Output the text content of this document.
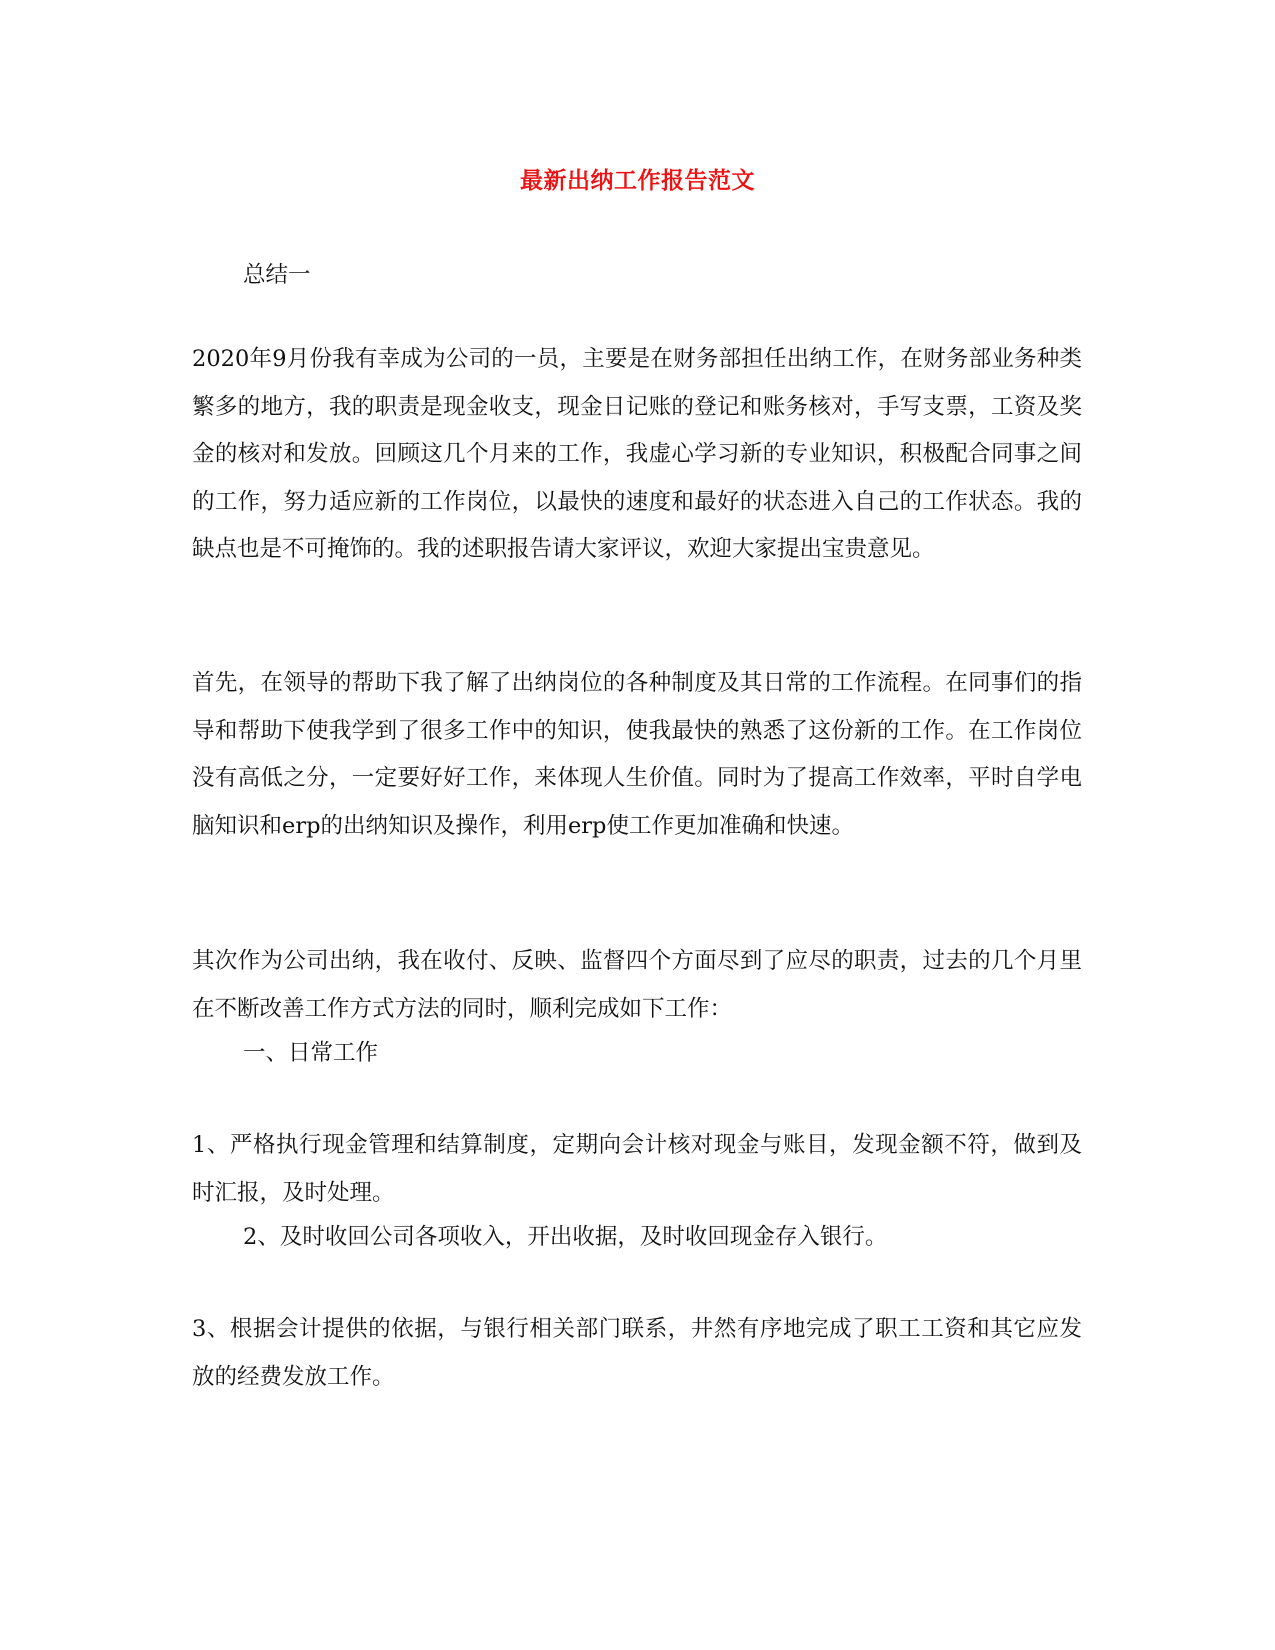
最新出纳工作报告范文

总结一

2020年9月份我有幸成为公司的一员，主要是在财务部担任出纳工作，在财务部业务种类繁多的地方，我的职责是现金收支，现金日记账的登记和账务核对，手写支票，工资及奖金的核对和发放。回顾这几个月来的工作，我虚心学习新的专业知识，积极配合同事之间的工作，努力适应新的工作岗位，以最快的速度和最好的状态进入自己的工作状态。我的缺点也是不可掩饰的。我的述职报告请大家评议，欢迎大家提出宝贵意见。

首先，在领导的帮助下我了解了出纳岗位的各种制度及其日常的工作流程。在同事们的指导和帮助下使我学到了很多工作中的知识，使我最快的熟悉了这份新的工作。在工作岗位没有高低之分，一定要好好工作，来体现人生价值。同时为了提高工作效率，平时自学电脑知识和erp的出纳知识及操作，利用erp使工作更加准确和快速。

其次作为公司出纳，我在收付、反映、监督四个方面尽到了应尽的职责，过去的几个月里在不断改善工作方式方法的同时，顺利完成如下工作：

一、日常工作

1、严格执行现金管理和结算制度，定期向会计核对现金与账目，发现金额不符，做到及时汇报，及时处理。

2、及时收回公司各项收入，开出收据，及时收回现金存入银行。

3、根据会计提供的依据，与银行相关部门联系，井然有序地完成了职工工资和其它应发放的经费发放工作。
